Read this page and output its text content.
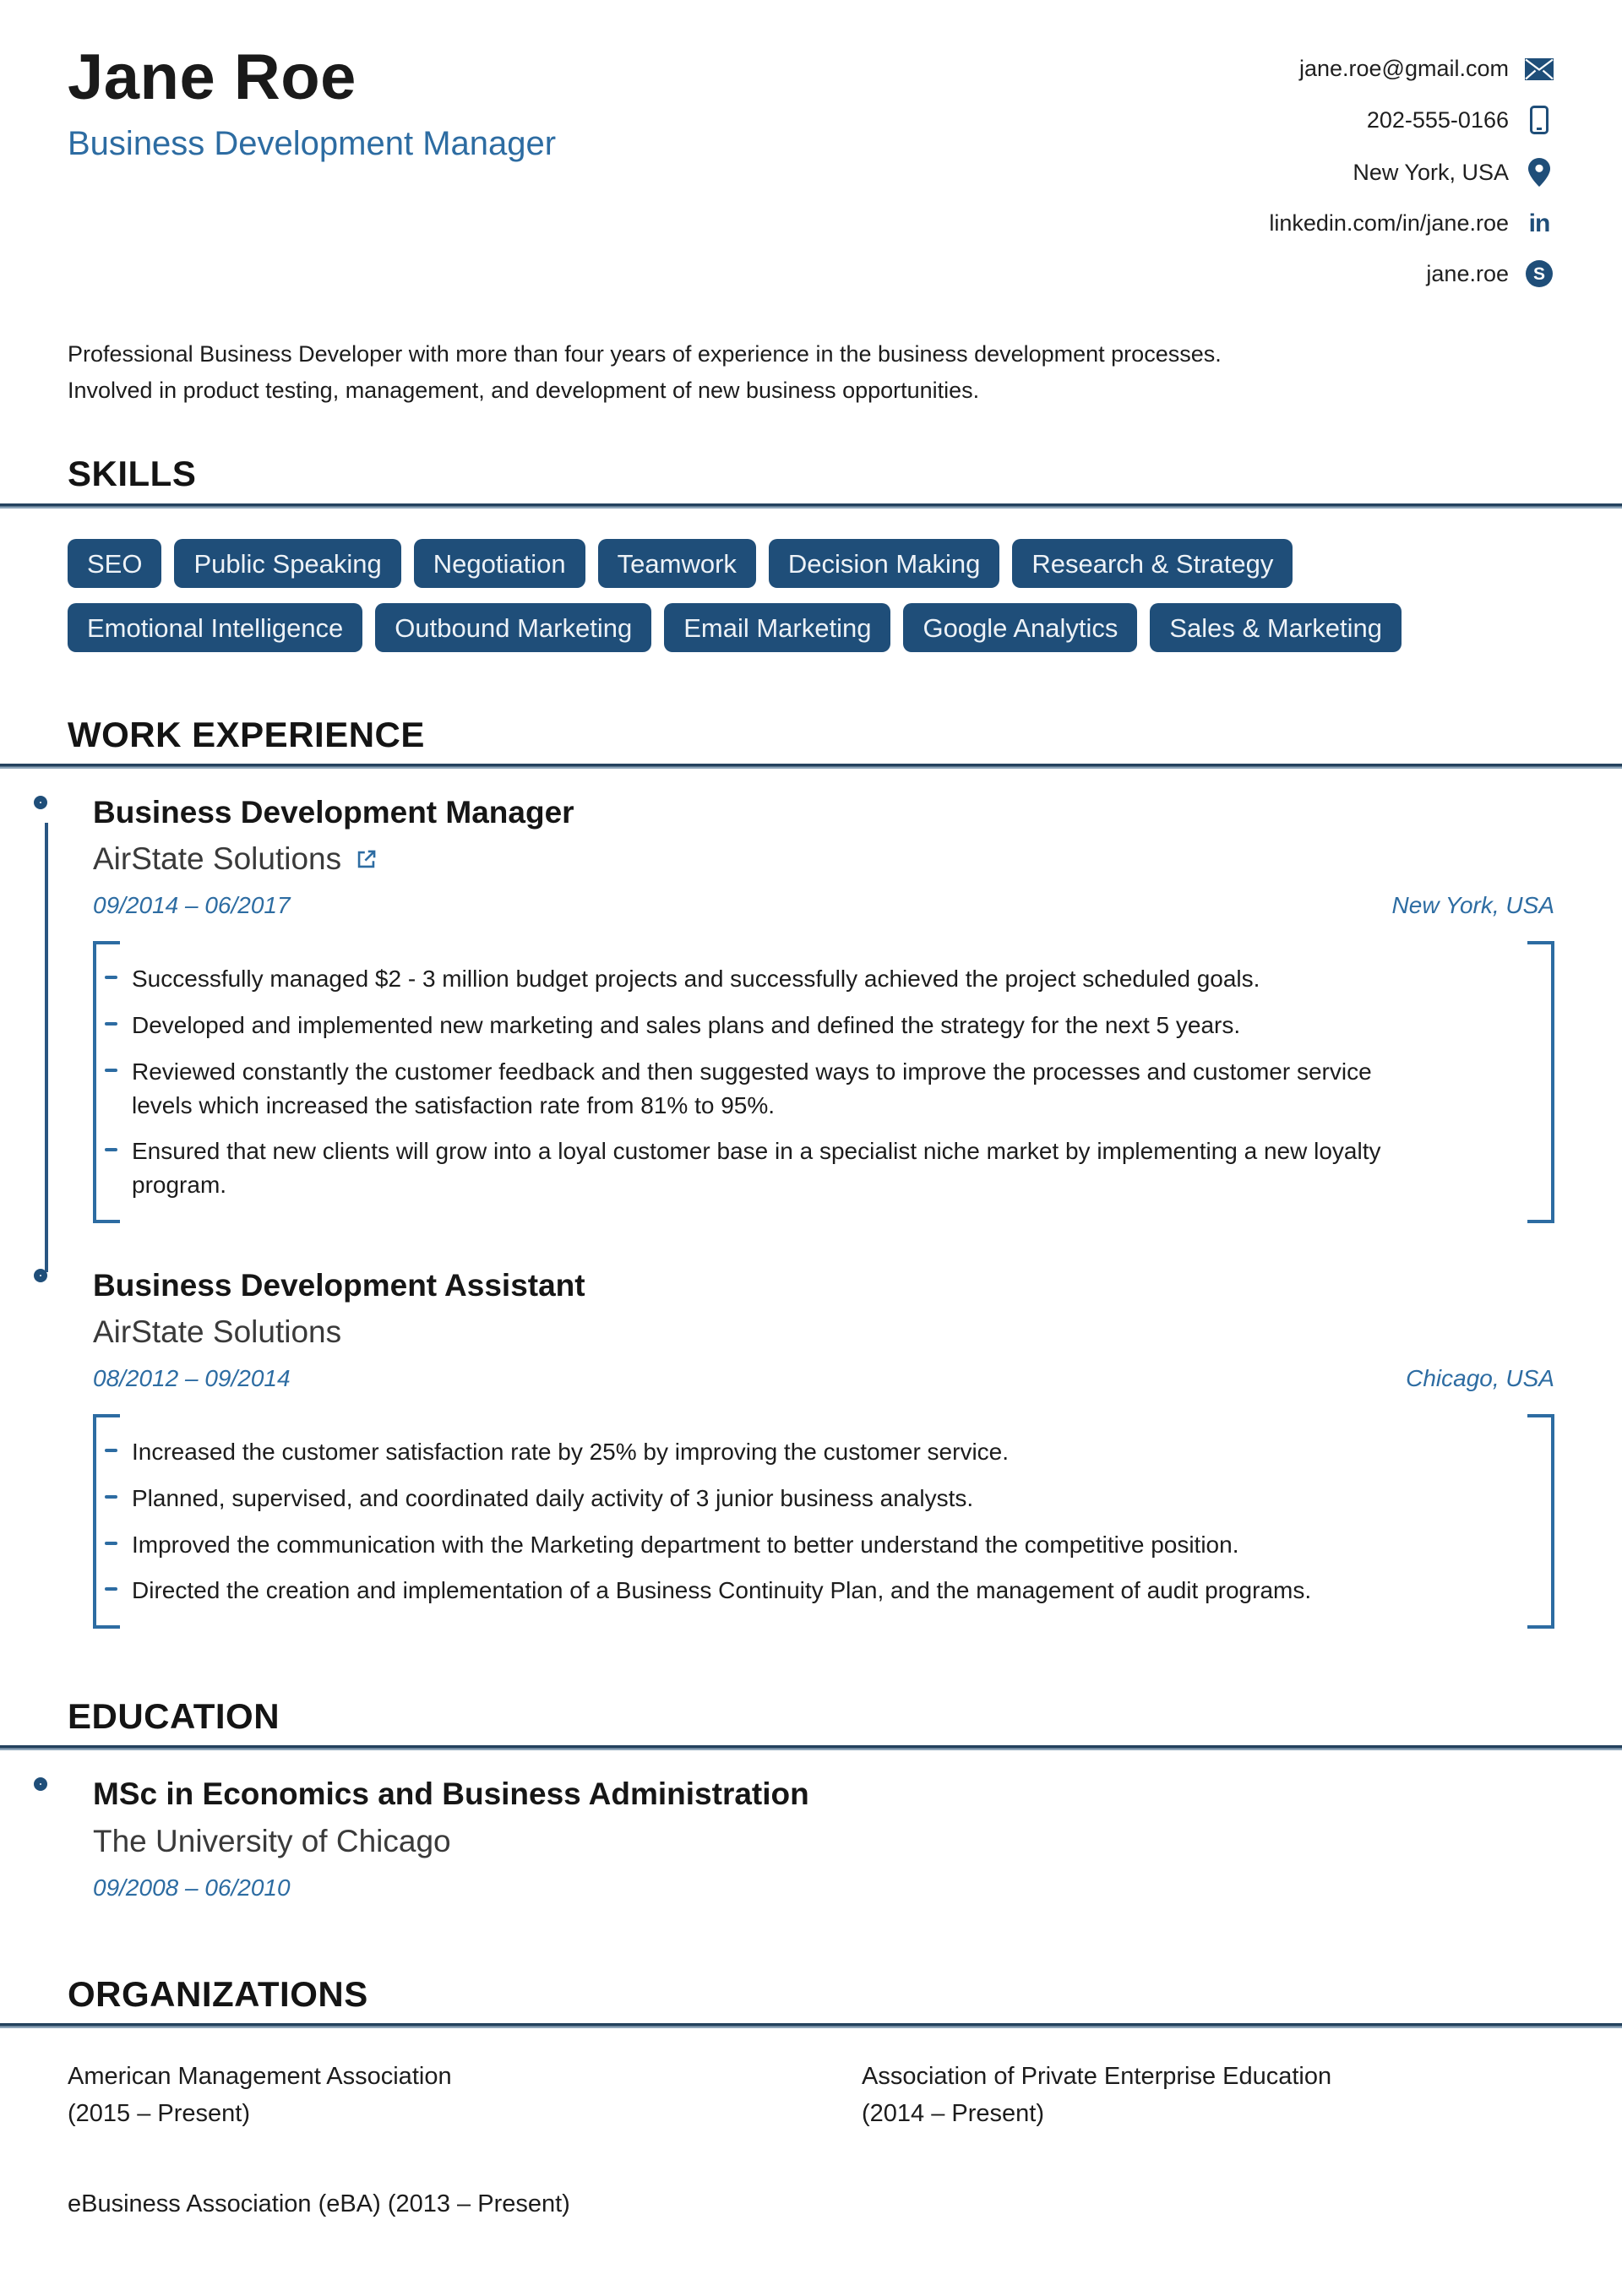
Jane Roe
Business Development Manager
jane.roe@gmail.com
202-555-0166
New York, USA
linkedin.com/in/jane.roe in
jane.roe	S

Professional Business Developer with more than four years of experience in the business development processes. Involved in product testing, management, and development of new business opportunities.

SKILLS
SEO	Public Speaking	Negotiation	Teamwork	Decision Making	Research & Strategy
Emotional Intelligence	Outbound Marketing	Email Marketing	Google Analytics	Sales & Marketing
WORK EXPERIENCE
Business Development Manager
AirState Solutions
09/2014 – 06/2017	New York, USA
Successfully managed $2 - 3 million budget projects and successfully achieved the project scheduled goals.
Developed and implemented new marketing and sales plans and defined the strategy for the next 5 years.
Reviewed constantly the customer feedback and then suggested ways to improve the processes and customer service levels which increased the satisfaction rate from 81% to 95%.
Ensured that new clients will grow into a loyal customer base in a specialist niche market by implementing a new loyalty program.
Business Development Assistant
AirState Solutions
08/2012 – 09/2014	Chicago, USA
Increased the customer satisfaction rate by 25% by improving the customer service.
Planned, supervised, and coordinated daily activity of 3 junior business analysts.
Improved the communication with the Marketing department to better understand the competitive position.
Directed the creation and implementation of a Business Continuity Plan, and the management of audit programs.
EDUCATION
MSc in Economics and Business Administration
The University of Chicago
09/2008 – 06/2010
ORGANIZATIONS
American Management Association
(2015 – Present)
Association of Private Enterprise Education
(2014 – Present)
eBusiness Association (eBA) (2013 – Present)
